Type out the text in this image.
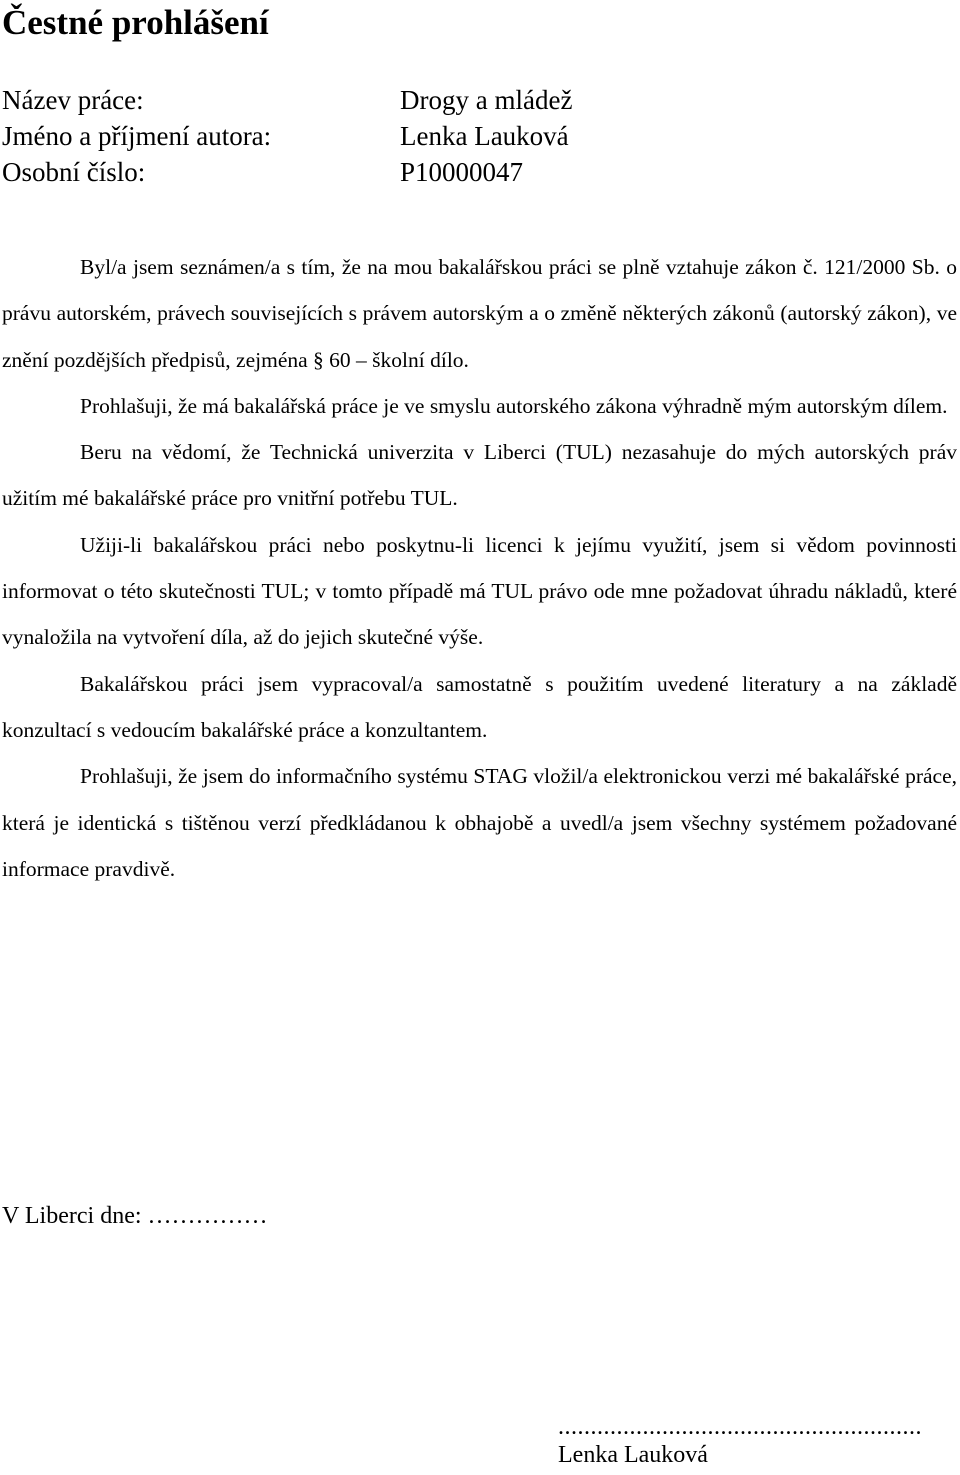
Čestné prohlášení
Název práce:	Drogy a mládež
Jméno a příjmení autora:	Lenka Lauková
Osobní číslo:	P10000047

Byl/a jsem seznámen/a s tím, že na mou bakalářskou práci se plně vztahuje zákon č. 121/2000 Sb. o právu autorském, právech souvisejících s právem autorským a o změně některých zákonů (autorský zákon), ve znění pozdějších předpisů, zejména § 60 – školní dílo.

Prohlašuji, že má bakalářská práce je ve smyslu autorského zákona výhradně mým autorským dílem.

Beru na vědomí, že Technická univerzita v Liberci (TUL) nezasahuje do mých autorských práv užitím mé bakalářské práce pro vnitřní potřebu TUL.

Užiji-li bakalářskou práci nebo poskytnu-li licenci k jejímu využití, jsem si vědom povinnosti informovat o této skutečnosti TUL; v tomto případě má TUL právo ode mne požadovat úhradu nákladů, které vynaložila na vytvoření díla, až do jejich skutečné výše.

Bakalářskou práci jsem vypracoval/a samostatně s použitím uvedené literatury a na základě konzultací s vedoucím bakalářské práce a konzultantem.

Prohlašuji, že jsem do informačního systému STAG vložil/a elektronickou verzi mé bakalářské práce, která je identická s tištěnou verzí předkládanou k obhajobě a uvedl/a jsem všechny systémem požadované informace pravdivě.

V Liberci dne: ……………
........................................................
Lenka Lauková
